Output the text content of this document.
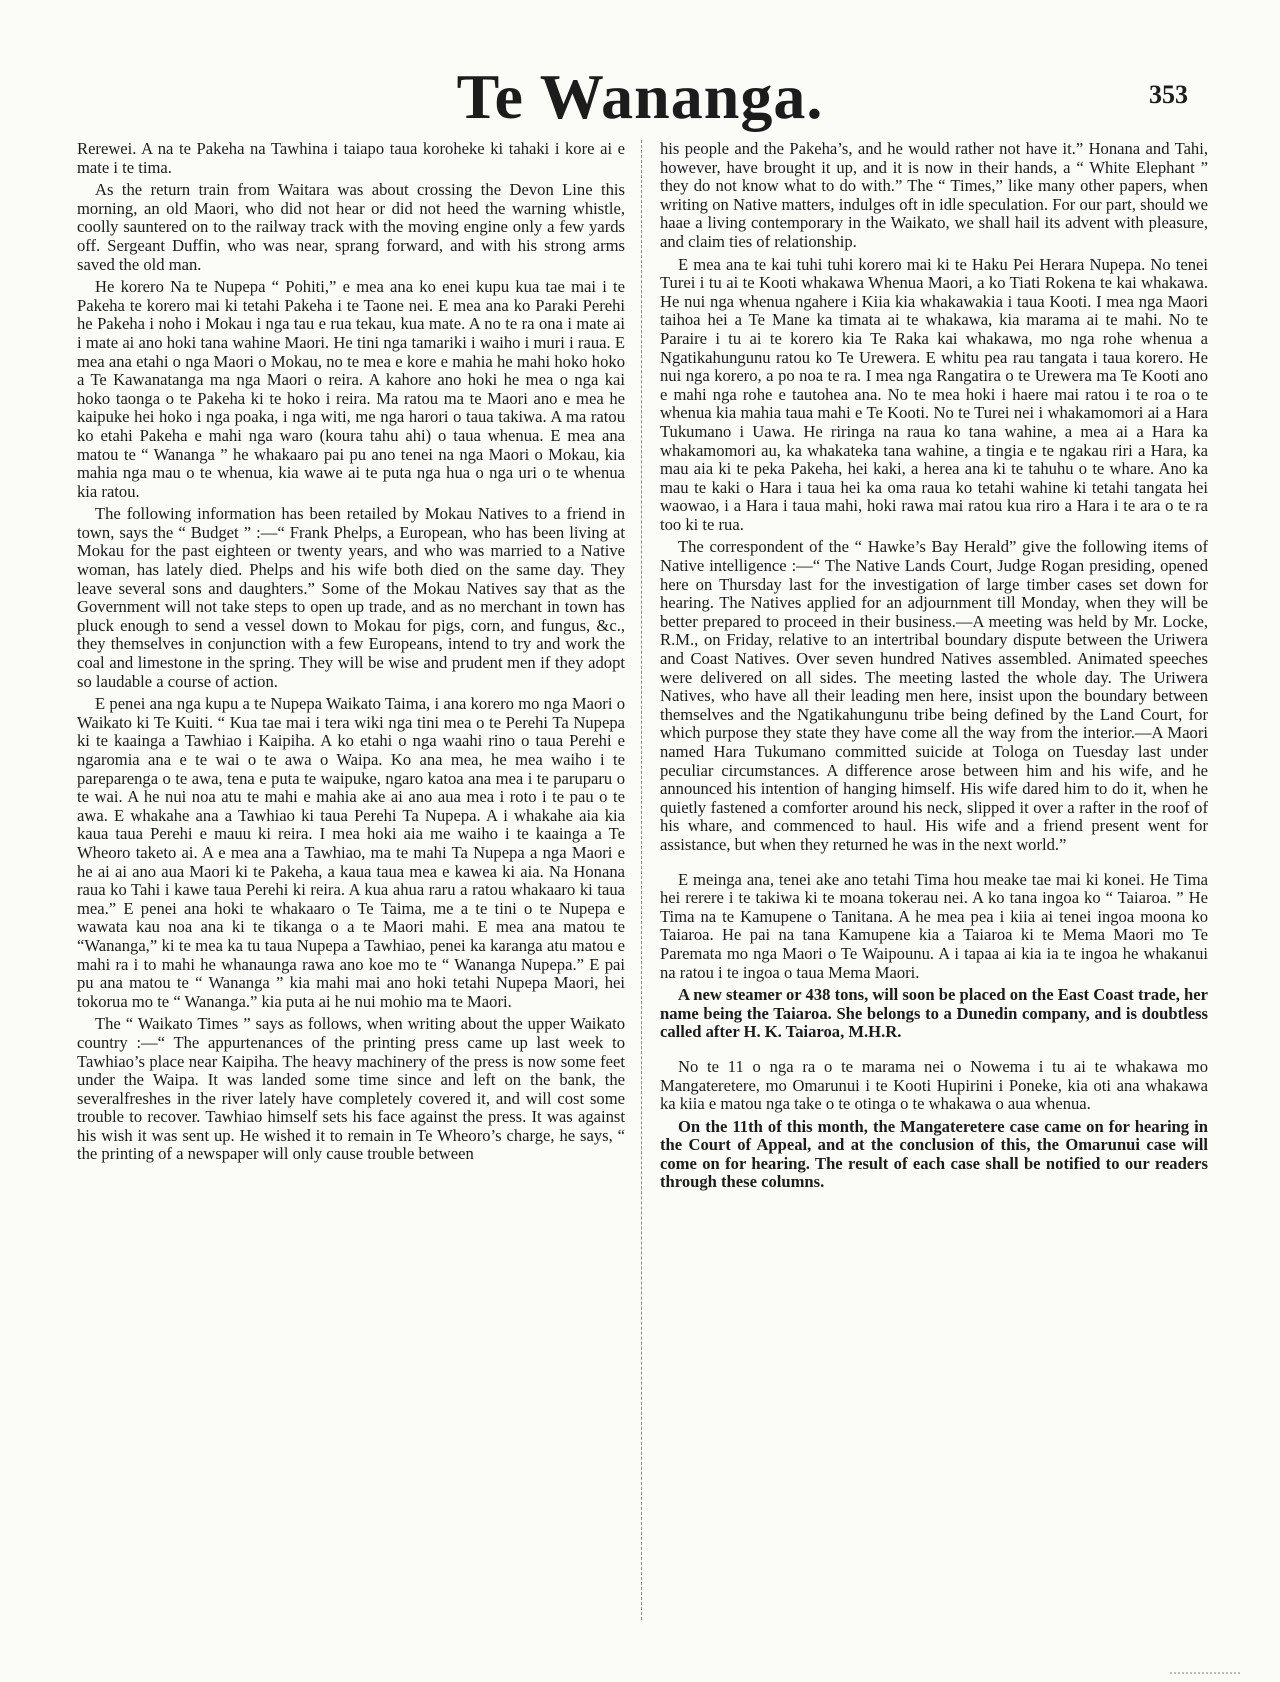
Te Wananga.	353

Rerewei. A na te Pakeha na Tawhina i taiapo taua koroheke ki tahaki i kore ai e mate i te tima.

As the return train from Waitara was about crossing the Devon Line this morning, an old Maori, who did not hear or did not heed the warning whistle, coolly sauntered on to the railway track with the moving engine only a few yards off. Sergeant Duffin, who was near, sprang forward, and with his strong arms saved the old man.

He korero Na te Nupepa “ Pohiti,” e mea ana ko enei kupu kua tae mai i te Pakeha te korero mai ki tetahi Pakeha i te Taone nei. E mea ana ko Paraki Perehi he Pakeha i noho i Mokau i nga tau e rua tekau, kua mate. A no te ra ona i mate ai i mate ai ano hoki tana wahine Maori. He tini nga tamariki i waiho i muri i raua. E mea ana etahi o nga Maori o Mokau, no te mea e kore e mahia he mahi hoko hoko a Te Kawanatanga ma nga Maori o reira. A kahore ano hoki he mea o nga kai hoko taonga o te Pakeha ki te hoko i reira. Ma ratou ma te Maori ano e mea he kaipuke hei hoko i nga poaka, i nga witi, me nga harori o taua takiwa. A ma ratou ko etahi Pakeha e mahi nga waro (koura tahu ahi) o taua whenua. E mea ana matou te “ Wananga ” he whakaaro pai pu ano tenei na nga Maori o Mokau, kia mahia nga mau o te whenua, kia wawe ai te puta nga hua o nga uri o te whenua kia ratou.

The following information has been retailed by Mokau Natives to a friend in town, says the “ Budget ” :—“ Frank Phelps, a European, who has been living at Mokau for the past eighteen or twenty years, and who was married to a Native woman, has lately died. Phelps and his wife both died on the same day. They leave several sons and daughters.” Some of the Mokau Natives say that as the Government will not take steps to open up trade, and as no merchant in town has pluck enough to send a vessel down to Mokau for pigs, corn, and fungus, &c., they themselves in conjunction with a few Europeans, intend to try and work the coal and limestone in the spring. They will be wise and prudent men if they adopt so laudable a course of action.

E penei ana nga kupu a te Nupepa Waikato Taima, i ana korero mo nga Maori o Waikato ki Te Kuiti. “ Kua tae mai i tera wiki nga tini mea o te Perehi Ta Nupepa ki te kaainga a Tawhiao i Kaipiha. A ko etahi o nga waahi rino o taua Perehi e ngaromia ana e te wai o te awa o Waipa. Ko ana mea, he mea waiho i te pareparenga o te awa, tena e puta te waipuke, ngaro katoa ana mea i te paruparu o te wai. A he nui noa atu te mahi e mahia ake ai ano aua mea i roto i te pau o te awa. E whakahe ana a Tawhiao ki taua Perehi Ta Nupepa. A i whakahe aia kia kaua taua Perehi e mauu ki reira. I mea hoki aia me waiho i te kaainga a Te Wheoro taketo ai. A e mea ana a Tawhiao, ma te mahi Ta Nupepa a nga Maori e he ai ai ano aua Maori ki te Pakeha, a kaua taua mea e kawea ki aia. Na Honana raua ko Tahi i kawe taua Perehi ki reira. A kua ahua raru a ratou whakaaro ki taua mea.” E penei ana hoki te whakaaro o Te Taima, me a te tini o te Nupepa e wawata kau noa ana ki te tikanga o a te Maori mahi. E mea ana matou te “Wananga,” ki te mea ka tu taua Nupepa a Tawhiao, penei ka karanga atu matou e mahi ra i to mahi he whanaunga rawa ano koe mo te “ Wananga Nupepa.” E pai pu ana matou te “ Wananga ” kia mahi mai ano hoki tetahi Nupepa Maori, hei tokorua mo te “ Wananga.” kia puta ai he nui mohio ma te Maori.

The “ Waikato Times ” says as follows, when writing about the upper Waikato country :—“ The appurtenances of the printing press came up last week to Tawhiao’s place near Kaipiha. The heavy machinery of the press is now some feet under the Waipa. It was landed some time since and left on the bank, the severalfreshes in the river lately have completely covered it, and will cost some trouble to recover. Tawhiao himself sets his face against the press. It was against his wish it was sent up. He wished it to remain in Te Wheoro’s charge, he says, “ the printing of a newspaper will only cause trouble between

his people and the Pakeha’s, and he would rather not have it.” Honana and Tahi, however, have brought it up, and it is now in their hands, a “ White Elephant ” they do not know what to do with.” The “ Times,” like many other papers, when writing on Native matters, indulges oft in idle speculation. For our part, should we haae a living contemporary in the Waikato, we shall hail its advent with pleasure, and claim ties of relationship.

E mea ana te kai tuhi tuhi korero mai ki te Haku Pei Herara Nupepa. No tenei Turei i tu ai te Kooti whakawa Whenua Maori, a ko Tiati Rokena te kai whakawa. He nui nga whenua ngahere i Kiia kia whakawakia i taua Kooti. I mea nga Maori taihoa hei a Te Mane ka timata ai te whakawa, kia marama ai te mahi. No te Paraire i tu ai te korero kia Te Raka kai whakawa, mo nga rohe whenua a Ngatikahungunu ratou ko Te Urewera. E whitu pea rau tangata i taua korero. He nui nga korero, a po noa te ra. I mea nga Rangatira o te Urewera ma Te Kooti ano e mahi nga rohe e tautohea ana. No te mea hoki i haere mai ratou i te roa o te whenua kia mahia taua mahi e Te Kooti. No te Turei nei i whakamomori ai a Hara Tukumano i Uawa. He riringa na raua ko tana wahine, a mea ai a Hara ka whakamomori au, ka whakateka tana wahine, a tingia e te ngakau riri a Hara, ka mau aia ki te peka Pakeha, hei kaki, a herea ana ki te tahuhu o te whare. Ano ka mau te kaki o Hara i taua hei ka oma raua ko tetahi wahine ki tetahi tangata hei waowao, i a Hara i taua mahi, hoki rawa mai ratou kua riro a Hara i te ara o te ra too ki te rua.

The correspondent of the “ Hawke’s Bay Herald” give the following items of Native intelligence :—“ The Native Lands Court, Judge Rogan presiding, opened here on Thursday last for the investigation of large timber cases set down for hearing. The Natives applied for an adjournment till Monday, when they will be better prepared to proceed in their business.—A meeting was held by Mr. Locke, R.M., on Friday, relative to an intertribal boundary dispute between the Uriwera and Coast Natives. Over seven hundred Natives assembled. Animated speeches were delivered on all sides. The meeting lasted the whole day. The Uriwera Natives, who have all their leading men here, insist upon the boundary between themselves and the Ngatikahungunu tribe being defined by the Land Court, for which purpose they state they have come all the way from the interior.—A Maori named Hara Tukumano committed suicide at Tologa on Tuesday last under peculiar circumstances. A difference arose between him and his wife, and he announced his intention of hanging himself. His wife dared him to do it, when he quietly fastened a comforter around his neck, slipped it over a rafter in the roof of his whare, and commenced to haul. His wife and a friend present went for assistance, but when they returned he was in the next world.”

E meinga ana, tenei ake ano tetahi Tima hou meake tae mai ki konei. He Tima hei rerere i te takiwa ki te moana tokerau nei. A ko tana ingoa ko “ Taiaroa. ” He Tima na te Kamupene o Tanitana. A he mea pea i kiia ai tenei ingoa moona ko Taiaroa. He pai na tana Kamupene kia a Taiaroa ki te Mema Maori mo Te Paremata mo nga Maori o Te Waipounu. A i tapaa ai kia ia te ingoa he whakanui na ratou i te ingoa o taua Mema Maori.

A new steamer or 438 tons, will soon be placed on the East Coast trade, her name being the Taiaroa. She belongs to a Dunedin company, and is doubtless called after H. K. Taiaroa, M.H.R.

No te 11 o nga ra o te marama nei o Nowema i tu ai te whakawa mo Mangateretere, mo Omarunui i te Kooti Hupirini i Poneke, kia oti ana whakawa ka kiia e matou nga take o te otinga o te whakawa o aua whenua.

On the 11th of this month, the Mangateretere case came on for hearing in the Court of Appeal, and at the conclusion of this, the Omarunui case will come on for hearing. The result of each case shall be notified to our readers through these columns.
